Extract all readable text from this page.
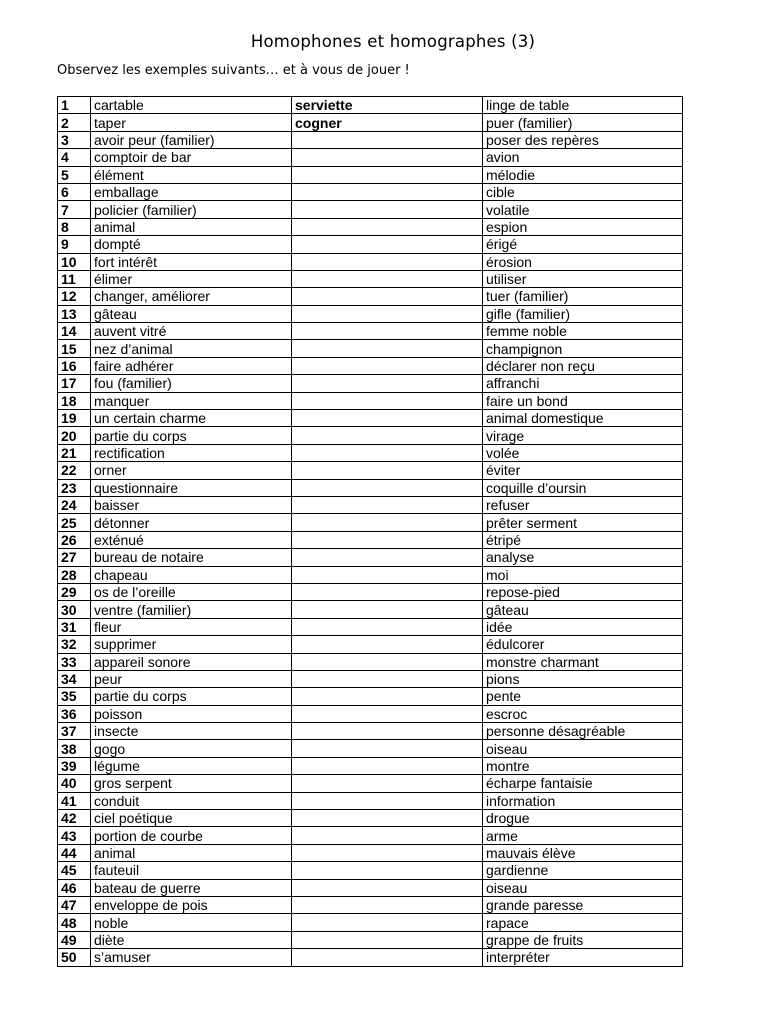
Homophones et homographes (3)
Observez les exemples suivants… et à vous de jouer !
1	cartable	serviette	linge de table
2	taper	cogner	puer (familier)
3	avoir peur (familier)		poser des repères
4	comptoir de bar		avion
5	élément		mélodie
6	emballage		cible
7	policier (familier)		volatile
8	animal		espion
9	dompté		érigé
10	fort intérêt		érosion
11	élimer		utiliser
12	changer, améliorer		tuer (familier)
13	gâteau		gifle (familier)
14	auvent vitré		femme noble
15	nez d’animal		champignon
16	faire adhérer		déclarer non reçu
17	fou (familier)		affranchi
18	manquer		faire un bond
19	un certain charme		animal domestique
20	partie du corps		virage
21	rectification		volée
22	orner		éviter
23	questionnaire		coquille d’oursin
24	baisser		refuser
25	détonner		prêter serment
26	exténué		étripé
27	bureau de notaire		analyse
28	chapeau		moi
29	os de l’oreille		repose-pied
30	ventre (familier)		gâteau
31	fleur		idée
32	supprimer		édulcorer
33	appareil sonore		monstre charmant
34	peur		pions
35	partie du corps		pente
36	poisson		escroc
37	insecte		personne désagréable
38	gogo		oiseau
39	légume		montre
40	gros serpent		écharpe fantaisie
41	conduit		information
42	ciel poétique		drogue
43	portion de courbe		arme
44	animal		mauvais élève
45	fauteuil		gardienne
46	bateau de guerre		oiseau
47	enveloppe de pois		grande paresse
48	noble		rapace
49	diète		grappe de fruits
50	s’amuser		interpréter
